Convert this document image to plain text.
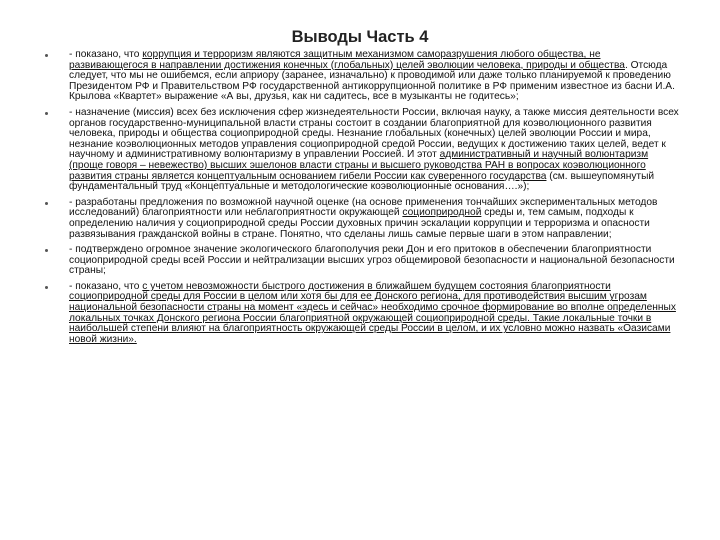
Выводы Часть 4
- показано, что коррупция и терроризм являются защитным механизмом саморазрушения любого общества, не развивающегося в направлении достижения конечных (глобальных) целей эволюции человека, природы и общества. Отсюда следует, что мы не ошибемся, если априору (заранее, изначально) к проводимой или даже только планируемой к проведению Президентом РФ и Правительством РФ государственной антикоррупционной политике в РФ применим известное из басни И.А. Крылова «Квартет» выражение «А вы, друзья, как ни садитесь, все в музыканты не годитесь»;
- назначение (миссия) всех без исключения сфер жизнедеятельности России, включая науку, а также миссия деятельности всех органов государственно-муниципальной власти страны состоит в создании благоприятной для коэволюционного развития человека, природы и общества социоприродной среды. Незнание глобальных (конечных) целей эволюции России и мира, незнание коэволюционных методов управления социоприродной средой России, ведущих к достижению таких целей, ведет к научному и административному волюнтаризму в управлении Россией. И этот административный и научный волюнтаризм (проще говоря – невежество) высших эшелонов власти страны и высшего руководства РАН в вопросах коэволюционного развития страны является концептуальным основанием гибели России как суверенного государства (см. вышеупомянутый фундаментальный труд «Концептуальные и методологические коэволюционные основания….»);
- разработаны предложения по возможной научной оценке (на основе применения тончайших экспериментальных методов исследований) благоприятности или неблагоприятности окружающей социоприродной среды и, тем самым, подходы к определению наличия у социоприродной среды России духовных причин эскалации коррупции и терроризма и опасности развязывания гражданской войны в стране. Понятно, что сделаны лишь самые первые шаги в этом направлении;
- подтверждено огромное значение экологического благополучия реки Дон и его притоков в обеспечении благоприятности социоприродной среды всей России и нейтрализации высших угроз общемировой безопасности и национальной безопасности страны;
- показано, что с учетом невозможности быстрого достижения в ближайшем будущем состояния благоприятности социоприродной среды для России в целом или хотя бы для ее Донского региона, для противодействия высшим угрозам национальной безопасности страны на момент «здесь и сейчас» необходимо срочное формирование во вполне определенных локальных точках Донского региона России благоприятной окружающей социоприродной среды. Такие локальные точки в наибольшей степени влияют на благоприятность окружающей среды России в целом, и их условно можно назвать «Оазисами новой жизни».
